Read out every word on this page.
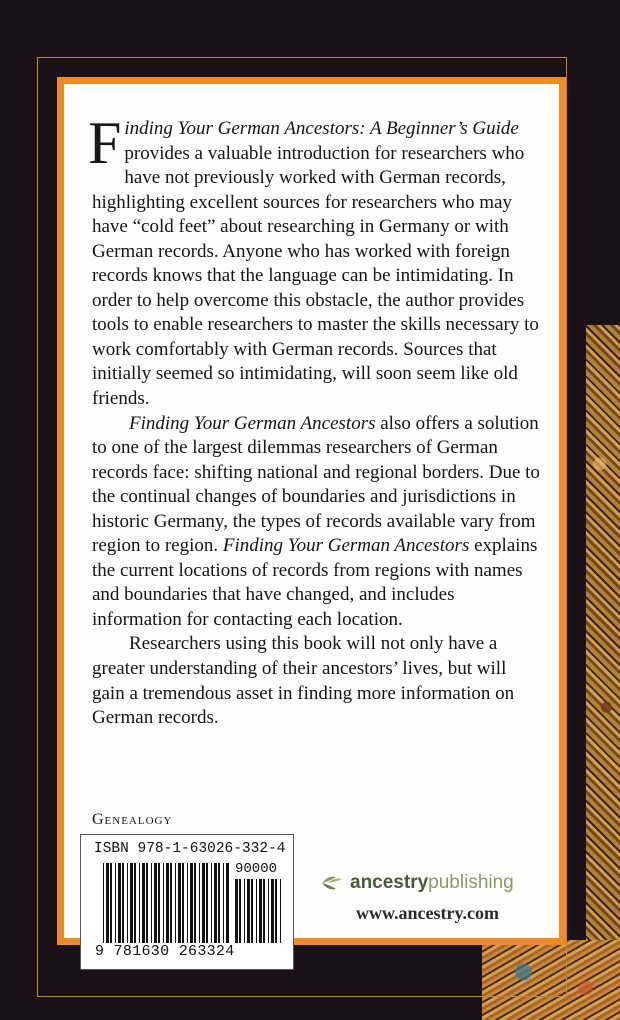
Finding Your German Ancestors: A Beginner’s Guide provides a valuable introduction for researchers who have not previously worked with German records, highlighting excellent sources for researchers who may have “cold feet” about researching in Germany or with German records. Anyone who has worked with foreign records knows that the language can be intimidating. In order to help overcome this obstacle, the author provides tools to enable researchers to master the skills necessary to work comfortably with German records. Sources that initially seemed so intimidating, will soon seem like old friends.

Finding Your German Ancestors also offers a solution to one of the largest dilemmas researchers of German records face: shifting national and regional borders. Due to the continual changes of boundaries and jurisdictions in historic Germany, the types of records available vary from region to region. Finding Your German Ancestors explains the current locations of records from regions with names and boundaries that have changed, and includes information for contacting each location.

Researchers using this book will not only have a greater understanding of their ancestors’ lives, but will gain a tremendous asset in finding more information on German records.

Genealogy
ISBN 978-1-63026-332-4
90000
9 781630 263324
ancestrypublishing
www.ancestry.com
